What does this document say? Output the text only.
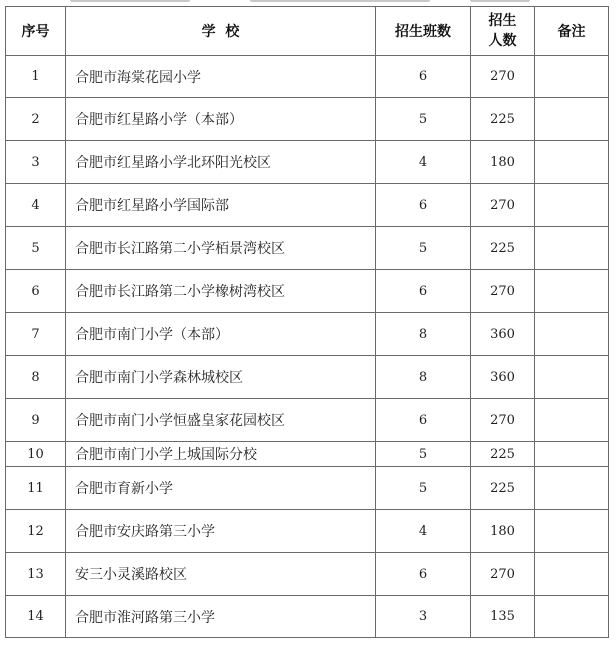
序号	学  校	招生班数	招生人数	备注
1	合肥市海棠花园小学	6	270	
2	合肥市红星路小学（本部）	5	225	
3	合肥市红星路小学北环阳光校区	4	180	
4	合肥市红星路小学国际部	6	270	
5	合肥市长江路第二小学栢景湾校区	5	225	
6	合肥市长江路第二小学橡树湾校区	6	270	
7	合肥市南门小学（本部）	8	360	
8	合肥市南门小学森林城校区	8	360	
9	合肥市南门小学恒盛皇家花园校区	6	270	
10	合肥市南门小学上城国际分校	5	225	
11	合肥市育新小学	5	225	
12	合肥市安庆路第三小学	4	180	
13	安三小灵溪路校区	6	270	
14	合肥市淮河路第三小学	3	135	
